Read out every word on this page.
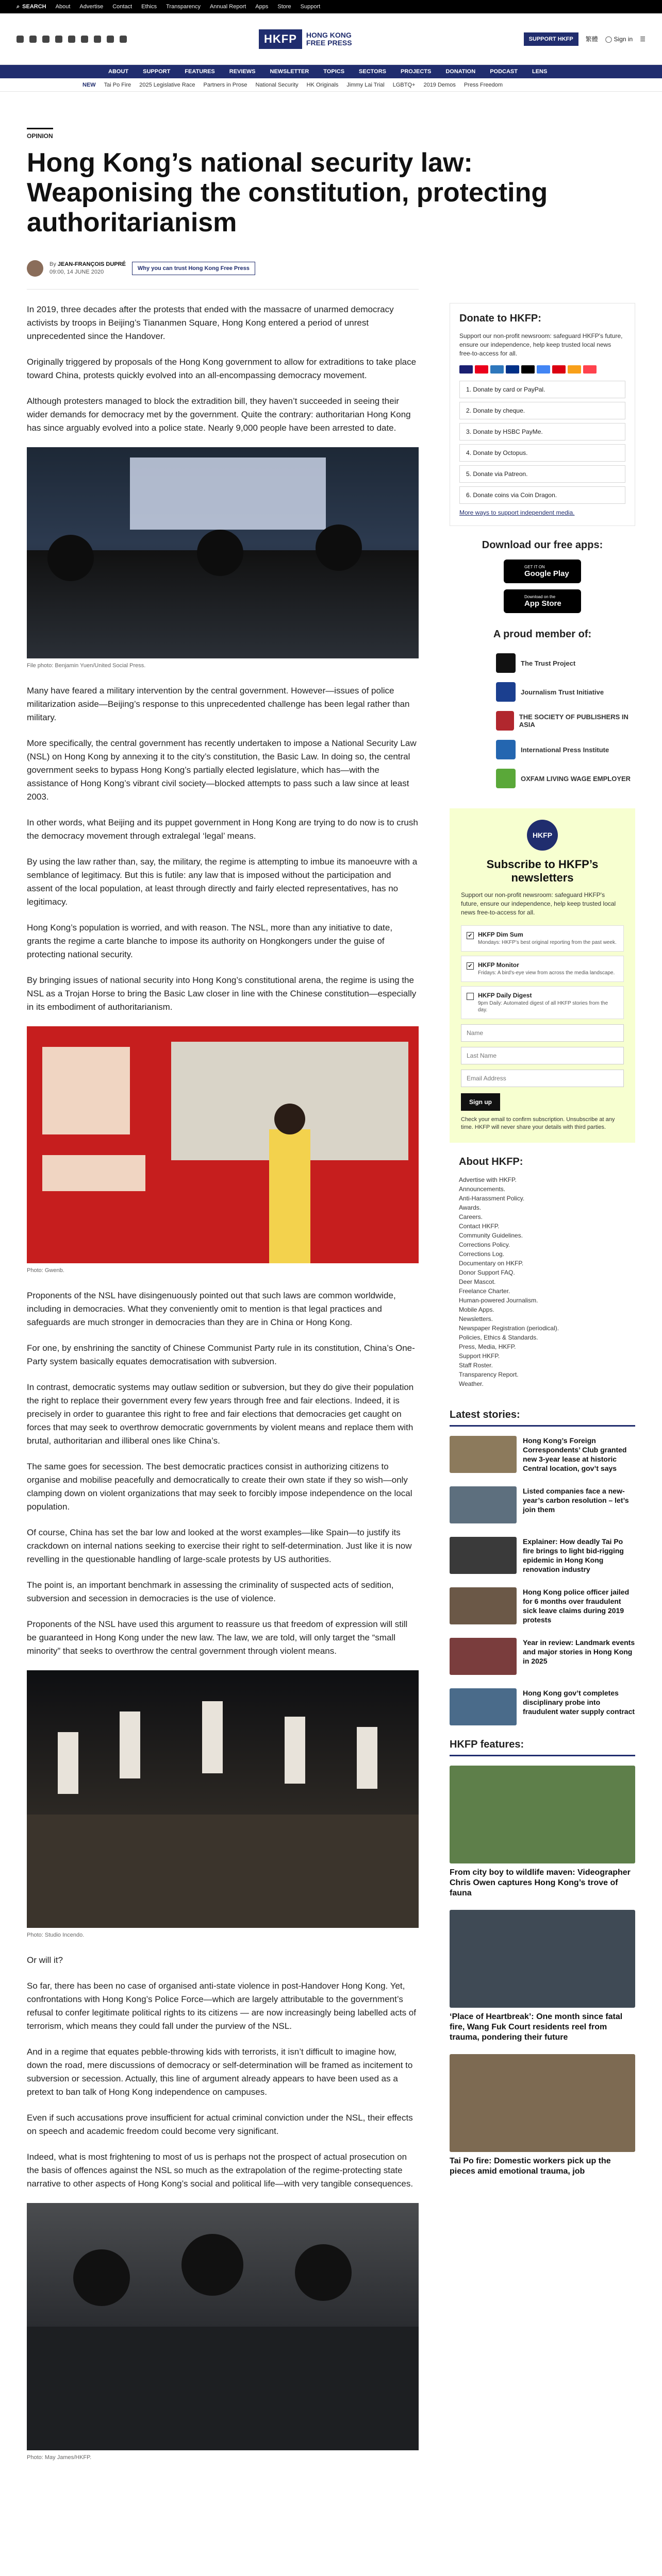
⌕ SEARCH About Advertise Contact Ethics Transparency Annual Report Apps Store Support
HKFP	HONG KONG
FREE PRESS	SUPPORT HKFP	繁體 ◯ Sign in ☰
ABOUT	SUPPORT	FEATURES	REVIEWS	NEWSLETTER	TOPICS	SECTORS	PROJECTS	DONATION	PODCAST	LENS
NEW Tai Po Fire 2025 Legislative Race Partners in Prose National Security HK Originals Jimmy Lai Trial LGBTQ+ 2019 Demos Press Freedom
OPINION
Hong Kong’s national security law: Weaponising the constitution, protecting authoritarianism
By JEAN-FRANÇOIS DUPRÉ
09:00, 14 JUNE 2020
Why you can trust Hong Kong Free Press

In 2019, three decades after the protests that ended with the massacre of unarmed democracy activists by troops in Beijing’s Tiananmen Square, Hong Kong entered a period of unrest unprecedented since the Handover.

Originally triggered by proposals of the Hong Kong government to allow for extraditions to take place toward China, protests quickly evolved into an all-encompassing democracy movement.

Although protesters managed to block the extradition bill, they haven’t succeeded in seeing their wider demands for democracy met by the government. Quite the contrary: authoritarian Hong Kong has since arguably evolved into a police state. Nearly 9,000 people have been arrested to date.

File photo: Benjamin Yuen/United Social Press.

Many have feared a military intervention by the central government. However—issues of police militarization aside—Beijing’s response to this unprecedented challenge has been legal rather than military.

More specifically, the central government has recently undertaken to impose a National Security Law (NSL) on Hong Kong by annexing it to the city’s constitution, the Basic Law. In doing so, the central government seeks to bypass Hong Kong’s partially elected legislature, which has—with the assistance of Hong Kong’s vibrant civil society—blocked attempts to pass such a law since at least 2003.

In other words, what Beijing and its puppet government in Hong Kong are trying to do now is to crush the democracy movement through extralegal ‘legal’ means.

By using the law rather than, say, the military, the regime is attempting to imbue its manoeuvre with a semblance of legitimacy. But this is futile: any law that is imposed without the participation and assent of the local population, at least through directly and fairly elected representatives, has no legitimacy.

Hong Kong’s population is worried, and with reason. The NSL, more than any initiative to date, grants the regime a carte blanche to impose its authority on Hongkongers under the guise of protecting national security.

By bringing issues of national security into Hong Kong’s constitutional arena, the regime is using the NSL as a Trojan Horse to bring the Basic Law closer in line with the Chinese constitution—especially in its embodiment of authoritarianism.

Photo: Gwenb.

Proponents of the NSL have disingenuously pointed out that such laws are common worldwide, including in democracies. What they conveniently omit to mention is that legal practices and safeguards are much stronger in democracies than they are in China or Hong Kong.

For one, by enshrining the sanctity of Chinese Communist Party rule in its constitution, China’s One-Party system basically equates democratisation with subversion.

In contrast, democratic systems may outlaw sedition or subversion, but they do give their population the right to replace their government every few years through free and fair elections. Indeed, it is precisely in order to guarantee this right to free and fair elections that democracies get caught on forces that may seek to overthrow democratic governments by violent means and replace them with brutal, authoritarian and illiberal ones like China’s.

The same goes for secession. The best democratic practices consist in authorizing citizens to organise and mobilise peacefully and democratically to create their own state if they so wish—only clamping down on violent organizations that may seek to forcibly impose independence on the local population.

Of course, China has set the bar low and looked at the worst examples—like Spain—to justify its crackdown on internal nations seeking to exercise their right to self-determination. Just like it is now revelling in the questionable handling of large-scale protests by US authorities.

The point is, an important benchmark in assessing the criminality of suspected acts of sedition, subversion and secession in democracies is the use of violence.

Proponents of the NSL have used this argument to reassure us that freedom of expression will still be guaranteed in Hong Kong under the new law. The law, we are told, will only target the “small minority” that seeks to overthrow the central government through violent means.

Photo: Studio Incendo.

Or will it?

So far, there has been no case of organised anti-state violence in post-Handover Hong Kong. Yet, confrontations with Hong Kong’s Police Force—which are largely attributable to the government’s refusal to confer legitimate political rights to its citizens — are now increasingly being labelled acts of terrorism, which means they could fall under the purview of the NSL.

And in a regime that equates pebble-throwing kids with terrorists, it isn’t difficult to imagine how, down the road, mere discussions of democracy or self-determination will be framed as incitement to subversion or secession. Actually, this line of argument already appears to have been used as a pretext to ban talk of Hong Kong independence on campuses.

Even if such accusations prove insufficient for actual criminal conviction under the NSL, their effects on speech and academic freedom could become very significant.

Indeed, what is most frightening to most of us is perhaps not the prospect of actual prosecution on the basis of offences against the NSL so much as the extrapolation of the regime-protecting state narrative to other aspects of Hong Kong’s social and political life—with very tangible consequences.

Photo: May James/HKFP.
Donate to HKFP:
Support our non-profit newsroom: safeguard HKFP's future, ensure our independence, help keep trusted local news free-to-access for all.
1. Donate by card or PayPal.
2. Donate by cheque.
3. Donate by HSBC PayMe.
4. Donate by Octopus.
5. Donate via Patreon.
6. Donate coins via Coin Dragon.
More ways to support independent media.
Download our free apps:
GET IT ON
Google Play
Download on the
App Store
A proud member of:
The Trust Project
Journalism Trust Initiative
THE SOCIETY OF PUBLISHERS IN ASIA
International Press Institute
OXFAM LIVING WAGE EMPLOYER
HKFP
Subscribe to HKFP’s newsletters
Support our non-profit newsroom: safeguard HKFP's future, ensure our independence, help keep trusted local news free-to-access for all.
✔ HKFP Dim Sum
Mondays: HKFP’s best original reporting from the past week.
✔ HKFP Monitor
Fridays: A bird's-eye view from across the media landscape.
HKFP Daily Digest
9pm Daily: Automated digest of all HKFP stories from the day.
Name
Last Name
Email Address Sign up
Check your email to confirm subscription. Unsubscribe at any time. HKFP will never share your details with third parties.
About HKFP:
Advertise with HKFP.
Announcements.
Anti-Harassment Policy.
Awards.
Careers.
Contact HKFP.
Community Guidelines.
Corrections Policy.
Corrections Log.
Documentary on HKFP.
Donor Support FAQ.
Deer Mascot.
Freelance Charter.
Human-powered Journalism.
Mobile Apps.
Newsletters.
Newspaper Registration (periodical).
Policies, Ethics & Standards.
Press, Media, HKFP.
Support HKFP.
Staff Roster.
Transparency Report.
Weather.
Latest stories:
Hong Kong’s Foreign Correspondents’ Club granted new 3-year lease at historic Central location, gov’t says
Listed companies face a new-year’s carbon resolution – let’s join them
Explainer: How deadly Tai Po fire brings to light bid-rigging epidemic in Hong Kong renovation industry
Hong Kong police officer jailed for 6 months over fraudulent sick leave claims during 2019 protests
Year in review: Landmark events and major stories in Hong Kong in 2025
Hong Kong gov’t completes disciplinary probe into fraudulent water supply contract
HKFP features:
From city boy to wildlife maven: Videographer Chris Owen captures Hong Kong’s trove of fauna
‘Place of Heartbreak’: One month since fatal fire, Wang Fuk Court residents reel from trauma, pondering their future
Tai Po fire: Domestic workers pick up the pieces amid emotional trauma, job
